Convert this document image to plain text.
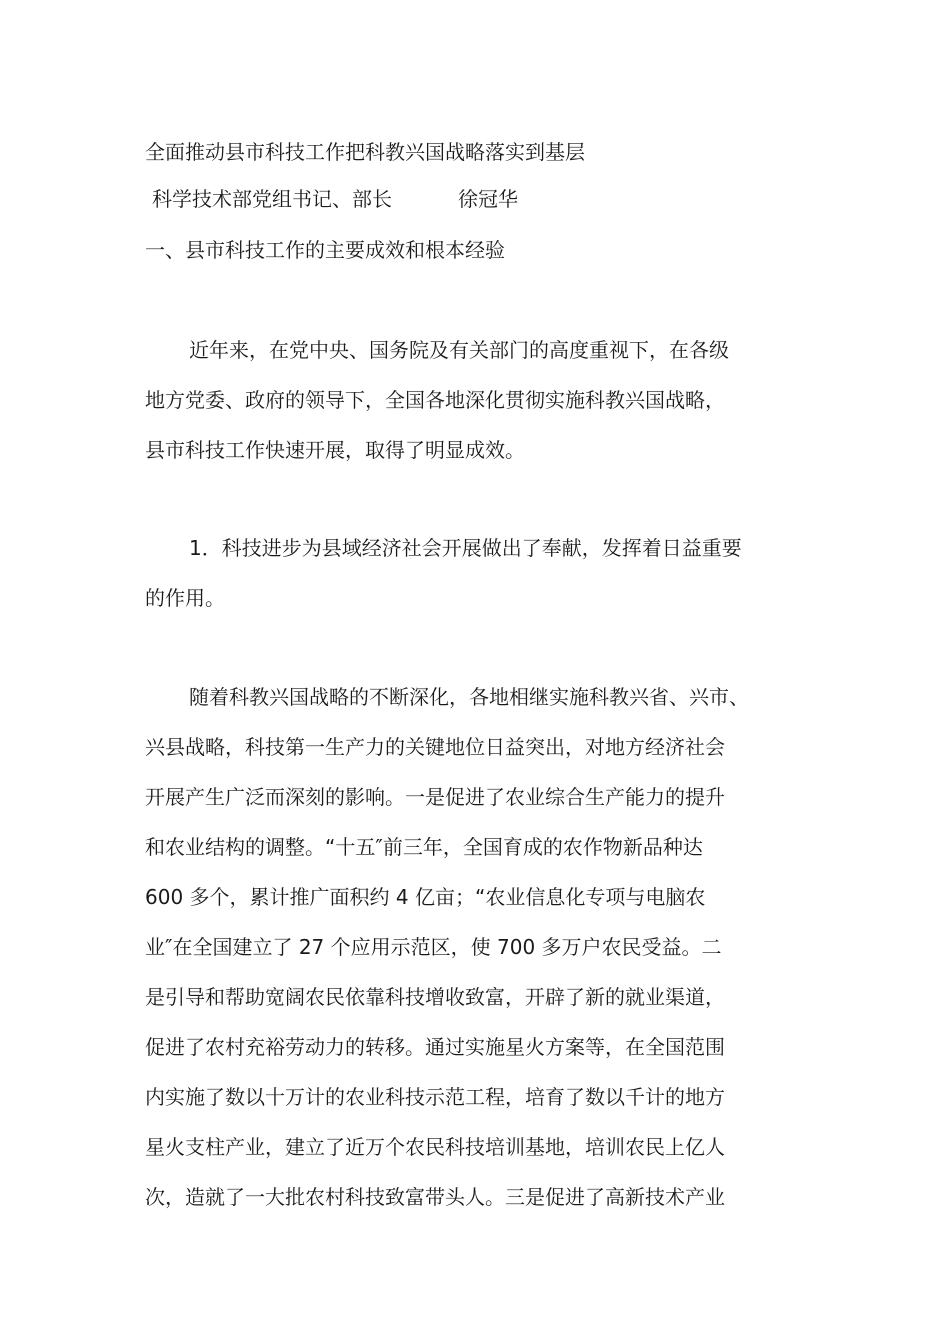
全面推动县市科技工作把科教兴国战略落实到基层
科学技术部党组书记、部长	徐冠华
一、县市科技工作的主要成效和根本经验

近年来，在党中央、国务院及有关部门的高度重视下，在各级
地方党委、政府的领导下，全国各地深化贯彻实施科教兴国战略，
县市科技工作快速开展，取得了明显成效。

1．科技进步为县域经济社会开展做出了奉献，发挥着日益重要
的作用。

随着科教兴国战略的不断深化，各地相继实施科教兴省、兴市、
兴县战略，科技第一生产力的关键地位日益突出，对地方经济社会
开展产生广泛而深刻的影响。一是促进了农业综合生产能力的提升
和农业结构的调整。“十五″前三年，全国育成的农作物新品种达
600 多个，累计推广面积约 4 亿亩；“农业信息化专项与电脑农
业″在全国建立了 27 个应用示范区，使 700 多万户农民受益。二
是引导和帮助宽阔农民依靠科技增收致富，开辟了新的就业渠道，
促进了农村充裕劳动力的转移。通过实施星火方案等，在全国范围
内实施了数以十万计的农业科技示范工程，培育了数以千计的地方
星火支柱产业，建立了近万个农民科技培训基地，培训农民上亿人
次，造就了一大批农村科技致富带头人。三是促进了高新技术产业
